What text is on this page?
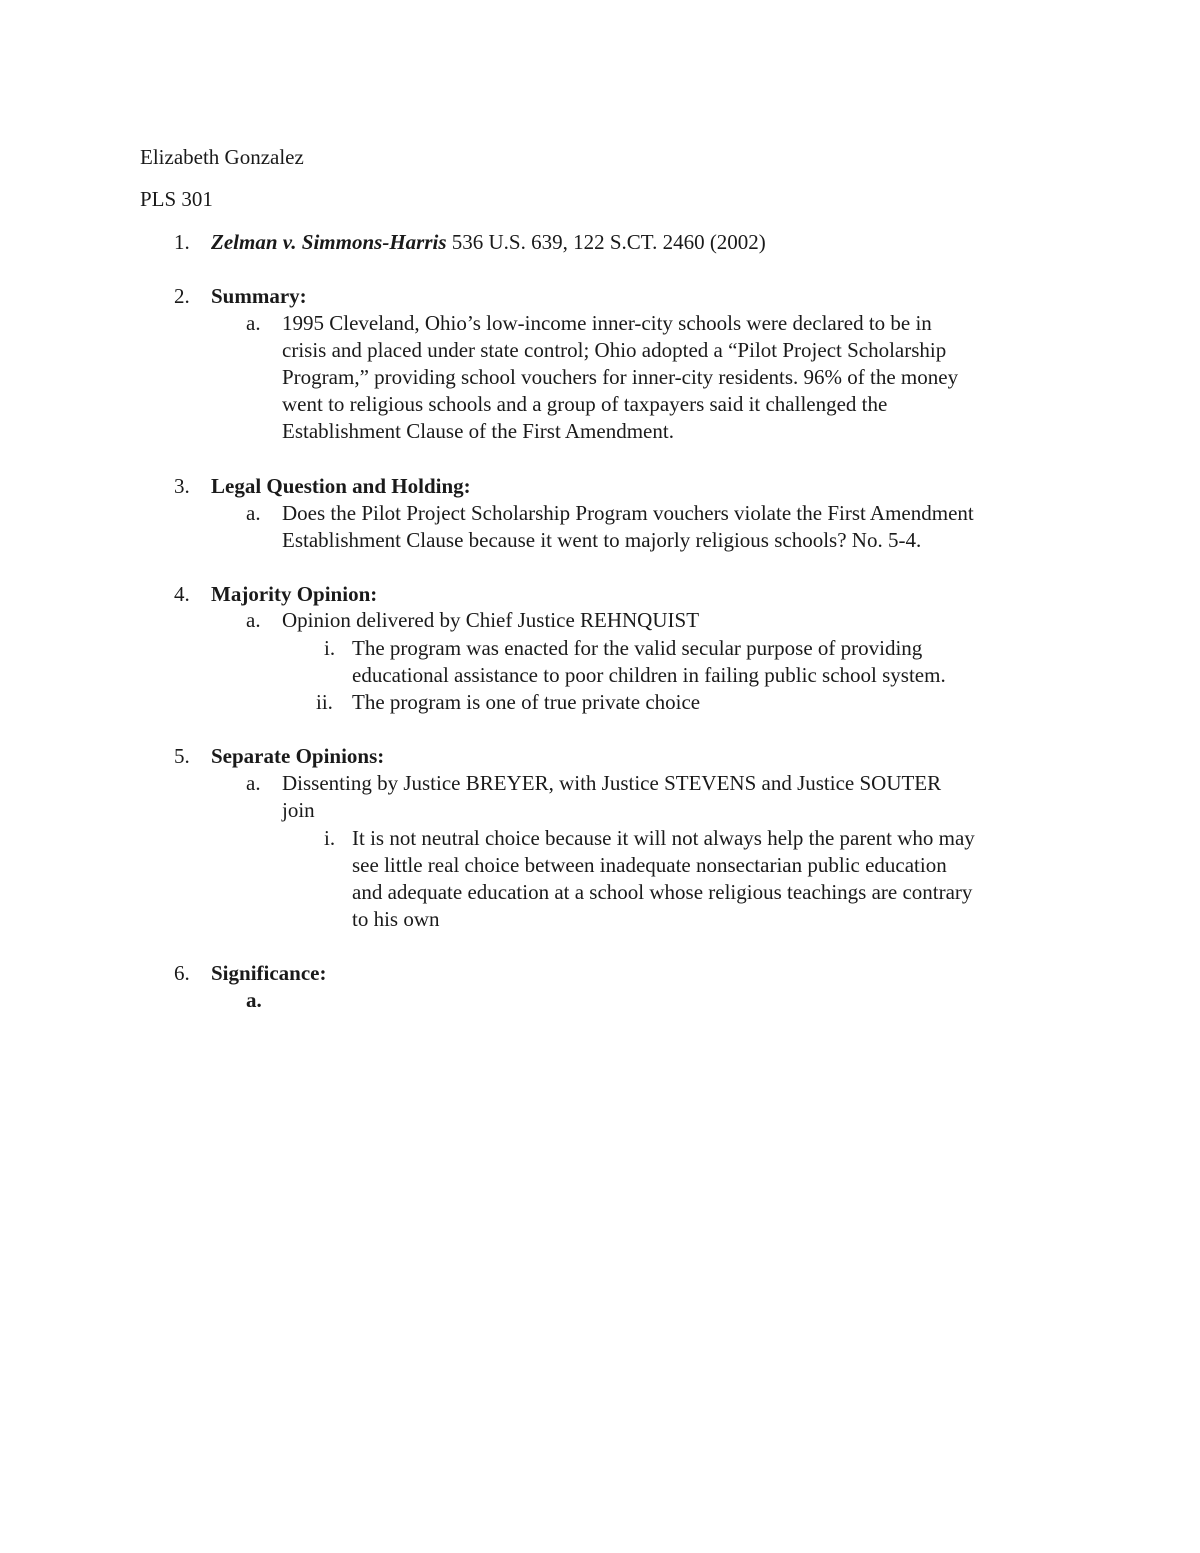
Elizabeth Gonzalez
PLS 301
1. Zelman v. Simmons-Harris 536 U.S. 639, 122 S.CT. 2460 (2002)
2. Summary:
a. 1995 Cleveland, Ohio’s low-income inner-city schools were declared to be in
crisis and placed under state control; Ohio adopted a “Pilot Project Scholarship
Program,” providing school vouchers for inner-city residents. 96% of the money
went to religious schools and a group of taxpayers said it challenged the
Establishment Clause of the First Amendment.
3. Legal Question and Holding:
a. Does the Pilot Project Scholarship Program vouchers violate the First Amendment
Establishment Clause because it went to majorly religious schools? No. 5-4.
4. Majority Opinion:
a. Opinion delivered by Chief Justice REHNQUIST
i. The program was enacted for the valid secular purpose of providing
educational assistance to poor children in failing public school system.
ii. The program is one of true private choice
5. Separate Opinions:
a. Dissenting by Justice BREYER, with Justice STEVENS and Justice SOUTER
join
i. It is not neutral choice because it will not always help the parent who may
see little real choice between inadequate nonsectarian public education
and adequate education at a school whose religious teachings are contrary
to his own
6. Significance:
a.
